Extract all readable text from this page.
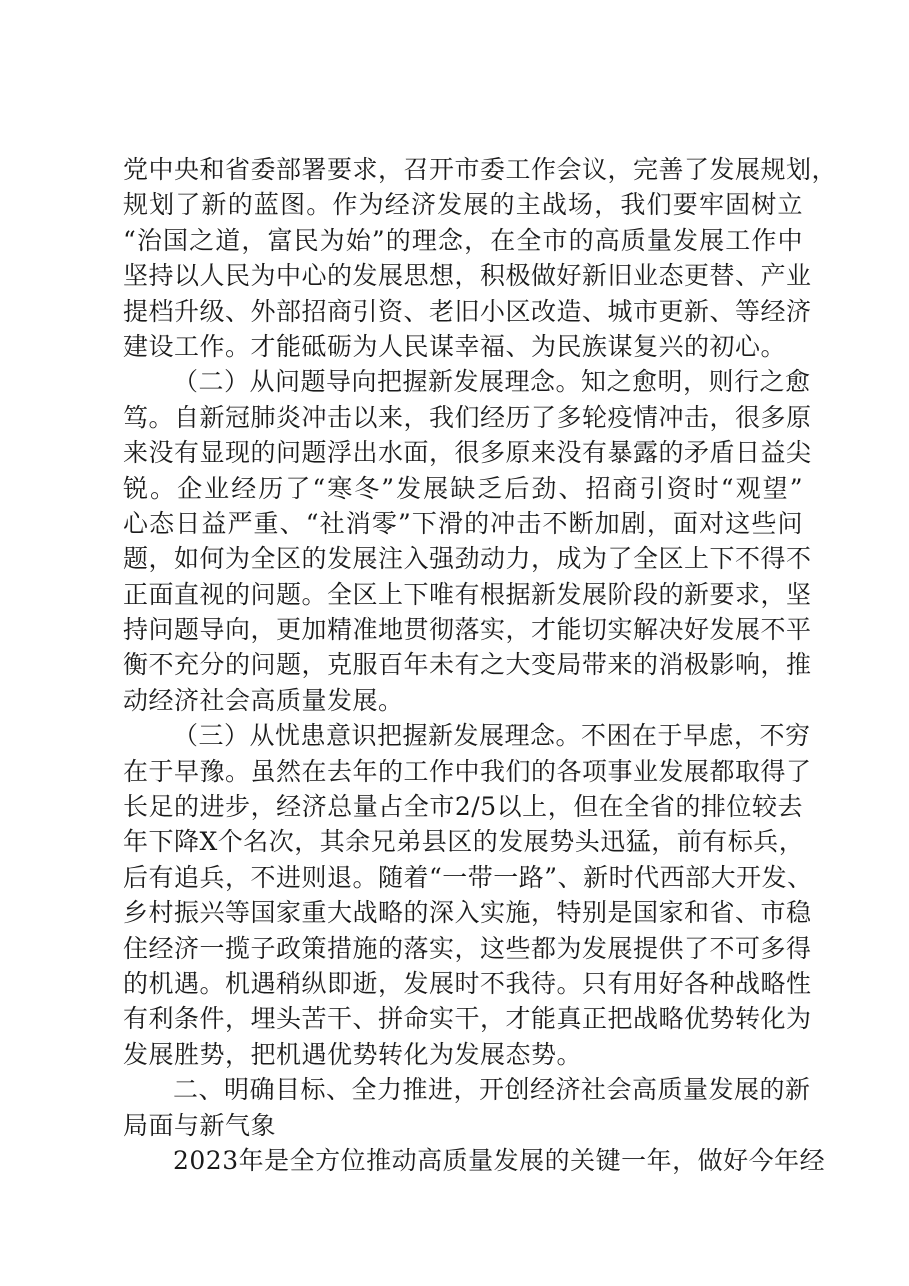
党中央和省委部署要求，召开市委工作会议，完善了发展规划，
规划了新的蓝图。作为经济发展的主战场，我们要牢固树立
“治国之道，富民为始”的理念，在全市的高质量发展工作中
坚持以人民为中心的发展思想，积极做好新旧业态更替、产业
提档升级、外部招商引资、老旧小区改造、城市更新、等经济
建设工作。才能砥砺为人民谋幸福、为民族谋复兴的初心。
（二）从问题导向把握新发展理念。知之愈明，则行之愈
笃。自新冠肺炎冲击以来，我们经历了多轮疫情冲击，很多原
来没有显现的问题浮出水面，很多原来没有暴露的矛盾日益尖
锐。企业经历了“寒冬”发展缺乏后劲、招商引资时“观望”
心态日益严重、“社消零”下滑的冲击不断加剧，面对这些问
题，如何为全区的发展注入强劲动力，成为了全区上下不得不
正面直视的问题。全区上下唯有根据新发展阶段的新要求，坚
持问题导向，更加精准地贯彻落实，才能切实解决好发展不平
衡不充分的问题，克服百年未有之大变局带来的消极影响，推
动经济社会高质量发展。
（三）从忧患意识把握新发展理念。不困在于早虑，不穷
在于早豫。虽然在去年的工作中我们的各项事业发展都取得了
长足的进步，经济总量占全市2/5以上，但在全省的排位较去
年下降X个名次，其余兄弟县区的发展势头迅猛，前有标兵，
后有追兵，不进则退。随着“一带一路”、新时代西部大开发、
乡村振兴等国家重大战略的深入实施，特别是国家和省、市稳
住经济一揽子政策措施的落实，这些都为发展提供了不可多得
的机遇。机遇稍纵即逝，发展时不我待。只有用好各种战略性
有利条件，埋头苦干、拼命实干，才能真正把战略优势转化为
发展胜势，把机遇优势转化为发展态势。
二、明确目标、全力推进，开创经济社会高质量发展的新
局面与新气象
2023年是全方位推动高质量发展的关键一年，做好今年经
